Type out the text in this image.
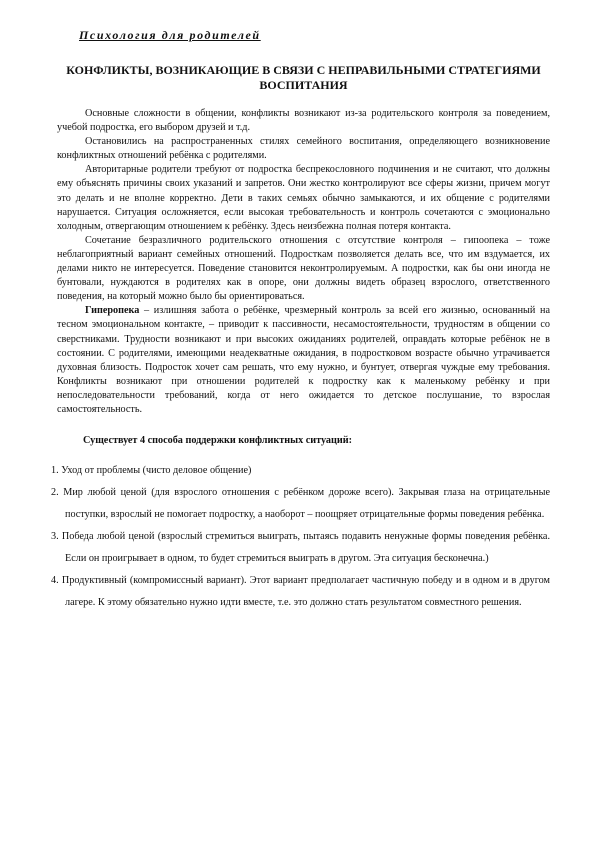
Психология для родителей
КОНФЛИКТЫ, ВОЗНИКАЮЩИЕ В СВЯЗИ С НЕПРАВИЛЬНЫМИ СТРАТЕГИЯМИ ВОСПИТАНИЯ

Основные сложности в общении, конфликты возникают из-за родительского контроля за поведением, учебой подростка, его выбором друзей и т.д.

Остановились на распространенных стилях семейного воспитания, определяющего возникновение конфликтных отношений ребёнка с родителями.

Авторитарные родители требуют от подростка беспрекословного подчинения и не считают, что должны ему объяснять причины своих указаний и запретов. Они жестко контролируют все сферы жизни, причем могут это делать и не вполне корректно. Дети в таких семьях обычно замыкаются, и их общение с родителями нарушается. Ситуация осложняется, если высокая требовательность и контроль сочетаются с эмоционально холодным, отвергающим отношением к ребёнку. Здесь неизбежна полная потеря контакта.

Сочетание безразличного родительского отношения с отсутствие контроля – гипоопека – тоже неблагоприятный вариант семейных отношений. Подросткам позволяется делать все, что им вздумается, их делами никто не интересуется. Поведение становится неконтролируемым. А подростки, как бы они иногда не бунтовали, нуждаются в родителях как в опоре, они должны видеть образец взрослого, ответственного поведения, на который можно было бы ориентироваться.

Гиперопека – излишняя забота о ребёнке, чрезмерный контроль за всей его жизнью, основанный на тесном эмоциональном контакте, – приводит к пассивности, несамостоятельности, трудностям в общении со сверстниками. Трудности возникают и при высоких ожиданиях родителей, оправдать которые ребёнок не в состоянии. С родителями, имеющими неадекватные ожидания, в подростковом возрасте обычно утрачивается духовная близость. Подросток хочет сам решать, что ему нужно, и бунтует, отвергая чуждые ему требования. Конфликты возникают при отношении родителей к подростку как к маленькому ребёнку и при непоследовательности требований, когда от него ожидается то детское послушание, то взрослая самостоятельность.

Существует 4 способа поддержки конфликтных ситуаций:
1. Уход от проблемы (чисто деловое общение)
2. Мир любой ценой (для взрослого отношения с ребёнком дороже всего). Закрывая глаза на отрицательные поступки, взрослый не помогает подростку, а наоборот – поощряет отрицательные формы поведения ребёнка.
3. Победа любой ценой (взрослый стремиться выиграть, пытаясь подавить ненужные формы поведения ребёнка. Если он проигрывает в одном, то будет стремиться выиграть в другом. Эта ситуация бесконечна.)
4. Продуктивный (компромиссный вариант). Этот вариант предполагает частичную победу и в одном и в другом лагере. К этому обязательно нужно идти вместе, т.е. это должно стать результатом совместного решения.
